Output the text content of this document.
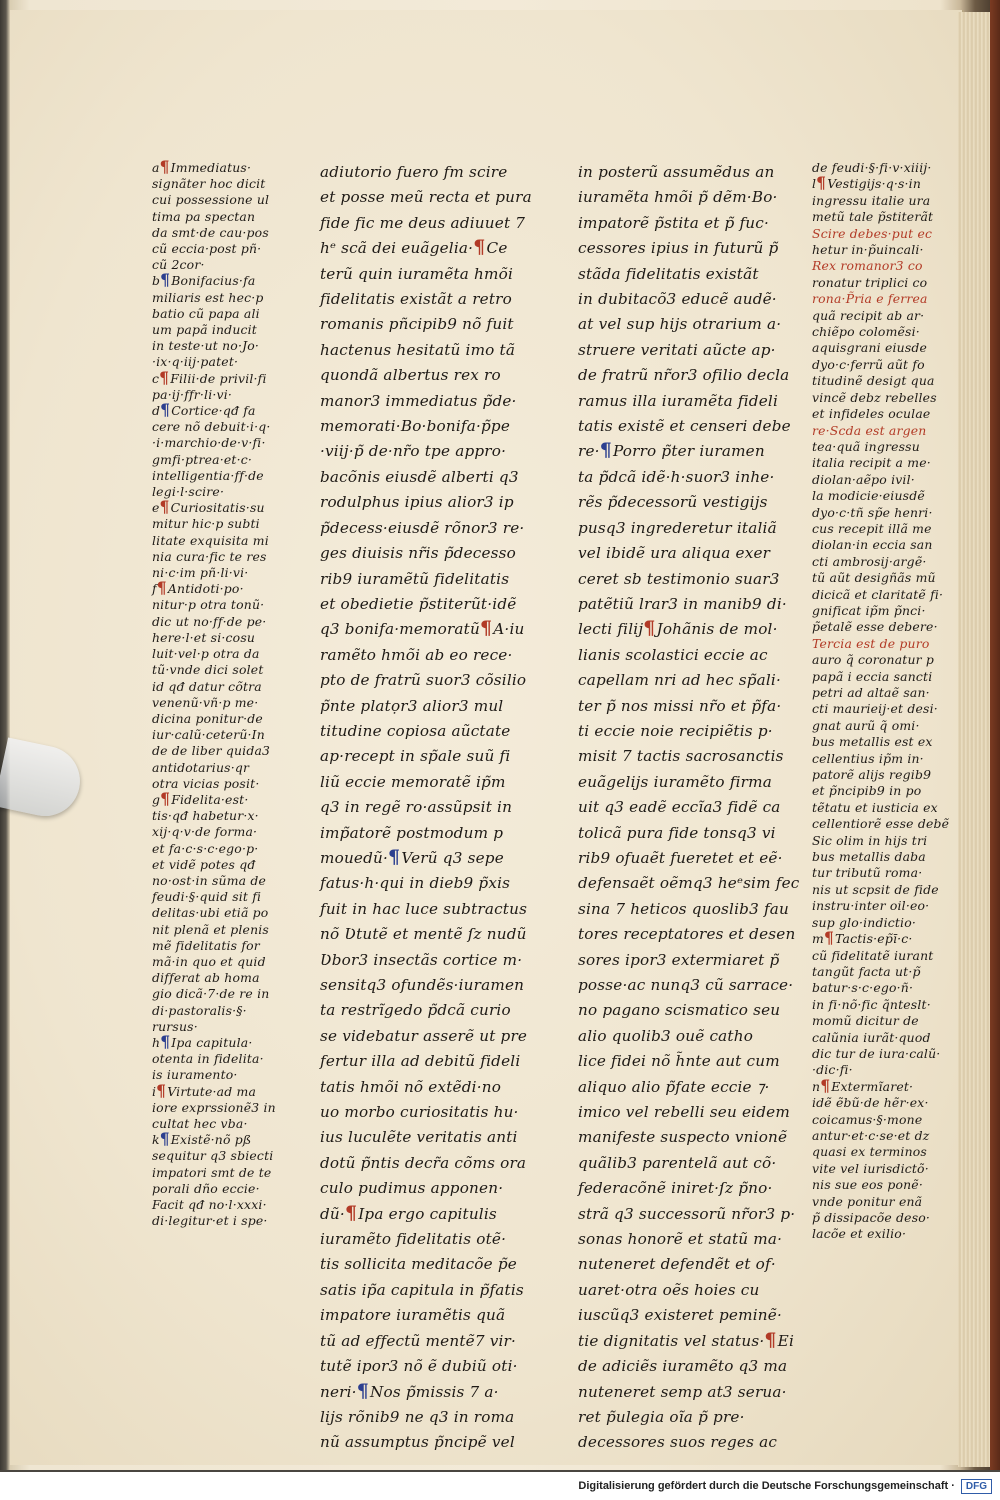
a¶Immediatus·
signãter hoc dicit
cui possessione ul
tima pa spectan
da smt·de cau·pos
cũ eccia·post pñ·
cũ 2cor·
b¶Bonifacius·fa
miliaris est hec·p
batio cũ papa ali
um papã inducit
in teste·ut no·Jo·
·ix·q·iij·patet·
c¶Filii·de privil·fi
pa·ij·ffr·li·vi·
d¶Cortice·qđ fa
cere nõ debuit·i·q·
·i·marchio·de·v·fi·
gmfi·ptrea·et·c·
intelligentia·ff·de
legi·l·scire·
e¶Curiositatis·su
mitur hic·p subti
litate exquisita mi
nia cura·fic te res
ni·c·im pñ·li·vi·
f¶Antidoti·po·
nitur·p otra tonũ·
dic ut no·ff·de pe·
here·l·et si·cosu
luit·vel·p otra da
tũ·vnde dici solet
id qđ datur cõtra
venenũ·vñ·p me·
dicina ponitur·de
iur·calũ·ceterũ·In
de de liber quida3
antidotarius·qr
otra vicias posit·
g¶Fidelita·est·
tis·qđ habetur·x·
xij·q·v·de forma·
et fa·c·s·c·ego·p·
et vidẽ potes qđ
no·ost·in sũma de
feudi·§·quid sit fi
delitas·ubi etiã po
nit plenã et plenis
mẽ fidelitatis for
mã·in quo et quid
differat ab homa
gio dicã·7·de re in
di·pastoralis·§·
rursus·
h¶Ipa capitula·
otenta in fidelita·
is iuramento·
i¶Virtute·ad ma
iore exprssionẽ3 in
cultat hec vba·
k¶Existẽ·nõ pß
sequitur q3 sbiecti
impatori smt de te
porali dño eccie·
Facit qđ no·l·xxxi·
di·legitur·et i spe·
adiutorio fuero fm scire
et posse meũ recta et pura
fide fic me deus adiuuet 7
hᵉ scã dei euãgelia·¶Ce
terũ quin iuramẽta hmõi
fidelitatis existãt a retro
romanis pñcipib9 nõ fuit
hactenus hesitatũ imo tã
quondã albertus rex ro
manor3 immediatus p̃de·
memorati·Bo·bonifa·p̃pe
·viij·p̃ de·nr̃o tpe appro·
bacõnis eiusdẽ alberti q3
rodulphus ipius alior3 ip
p̃decess·eiusdẽ rõnor3 re·
ges diuisis nr̃is p̃decesso
rib9 iuramẽtũ fidelitatis
et obedietie p̃stiterũt·idẽ
q3 bonifa·memoratũ¶A·iu
ramẽto hmõi ab eo rece·
pto de fratrũ suor3 cõsilio
p̃nte platọr3 alior3 mul
titudine copiosa aũctate
ap·recept in sp̃ale suũ fi
liũ eccie memoratẽ ip̃m
q3 in regẽ ro·assũpsit in
imp̃atorẽ postmodum p
mouedũ·¶Verũ q3 sepe
fatus·h·qui in dieb9 p̃xis
fuit in hac luce subtractus
nõ Ʋtutẽ et mentẽ ſz nudũ
Ʋbor3 insectãs cortice m·
sensitq3 ofundẽs·iuramen
ta restrĩgedo p̃dcã curio
se videbatur asserẽ ut pre
fertur illa ad debitũ fideli
tatis hmõi nõ extẽdi·no
uo morbo curiositatis hu·
ius luculẽte veritatis anti
dotũ p̃ntis decr̃a cõms ora
culo pudimus apponen·
dũ·¶Ipa ergo capitulis
iuramẽto fidelitatis otẽ·
tis sollicita meditacõe p̃e
satis ip̃a capitula in p̃fatis
impatore iuramẽtis quã
tũ ad effectũ mentẽ7 vir·
tutẽ ipor3 nõ ẽ dubiũ oti·
neri·¶Nos p̃missis 7 a·
lijs rõnib9 ne q3 in roma
nũ assumptus p̃ncipẽ vel
in posterũ assumẽdus an
iuramẽta hmõi p̃ dẽm·Bo·
impatorẽ p̃stita et p̃ fuc·
cessores ipius in futurũ p̃
stãda fidelitatis existãt
in dubitacõ3 educẽ audẽ·
at vel sup hijs otrarium a·
struere veritati aũcte ap·
de fratrũ nr̃or3 ofilio decla
ramus illa iuramẽta fideli
tatis existẽ et censeri debe
re·¶Porro p̃ter iuramen
ta p̃dcã idẽ·h·suor3 inhe·
rẽs p̃decessorũ vestigijs
pusq3 ingrederetur italiã
vel ibidẽ ura aliqua exer
ceret sb testimonio suar3
patẽtiũ lrar3 in manib9 di·
lecti filij¶Johãnis de mol·
lianis scolastici eccie ac
capellam nri ad hec sp̃ali·
ter p̃ nos missi nr̃o et p̃fa·
ti eccie noie recipiẽtis p·
misit 7 tactis sacrosanctis
euãgelijs iuramẽto firma
uit q3 eadẽ eccĩa3 fidẽ ca
tolicã pura fide tonsq3 vi
rib9 ofuaẽt fueretet et eẽ·
defensaẽt oẽmq3 heᵉsim fec
sina 7 heticos quoslib3 fau
tores receptatores et desen
sores ipor3 extermiaret p̃
posse·ac nunq3 cũ sarrace·
no pagano scismatico seu
alio quolib3 ouẽ catho
lice fidei nõ h̃nte aut cum
aliquo alio p̃fate eccie ⁊·
imico vel rebelli seu eidem
manifeste suspecto vnionẽ
quãlib3 parentelã aut cõ·
federacõnẽ iniret·ſz p̃no·
strã q3 successorũ nr̃or3 p·
sonas honorẽ et statũ ma·
nuteneret defendẽt et of·
uaret·otra oẽs hoies cu
iuscũq3 existeret peminẽ·
tie dignitatis vel status·¶Ei
de adiciẽs iuramẽto q3 ma
nuteneret semp at3 serua·
ret p̃ulegia oĩa p̃ pre·
decessores suos reges ac
de feudi·§·fi·v·xiiij·
l¶Vestigijs·q·s·in
ingressu italie ura
metũ tale p̃stiterãt
Scire debes·put ec
hetur in·p̃uincali·
Rex romanor3 co
ronatur triplici co
rona·P̃ria e ferrea
quã recipit ab ar·
chiẽpo colomẽsi·
aquisgrani eiusde
dyo·c·ferrũ aũt fo
titudinẽ desigt qua
vincẽ debz rebelles
et infideles oculae
re·Scda est argen
tea·quã ingressu
italia recipit a me·
diolan·aẽpo ivil·
la modicie·eiusdẽ
dyo·c·tñ sp̃e henri·
cus recepit illã me
diolan·in eccia san
cti ambrosij·argẽ·
tũ aũt desigñãs mũ
dicicã et claritatẽ fi·
gnificat ip̃m p̃nci·
p̃etalẽ esse debere·
Tercia est de puro
auro q̃ coronatur p
papã i eccia sancti
petri ad altaẽ san·
cti maurieij·et desi·
gnat aurũ q̃ omi·
bus metallis est ex
cellentius ip̃m in·
patorẽ alijs regib9
et p̃ncipib9 in po
tẽtatu et iusticia ex
cellentiorẽ esse debẽ
Sic olim in hijs tri
bus metallis daba
tur tributũ roma·
nis ut scpsit de fide
instru·inter oil·eo·
sup glo·indictio·
m¶Tactis·ep̃ī·c·
cũ fidelitatẽ iurant
tangũt facta ut·p̃
batur·s·c·ego·ñ·
in fi·nõ·fic q̃nteslt·
momũ dicitur de
calũnia iurãt·quod
dic tur de iura·calũ·
·dic·fi·
n¶Extermĩaret·
idẽ ẽbũ·de hẽr·ex·
coicamus·§·mone
antur·et·c·se·et dz
quasi ex terminos
vite vel iurisdictõ·
nis sue eos ponẽ·
vnde ponitur enã
p̃ dissipacõe deso·
lacõe et exilio·
Digitalisierung gefördert durch die Deutsche Forschungsgemeinschaft ·	DFG
